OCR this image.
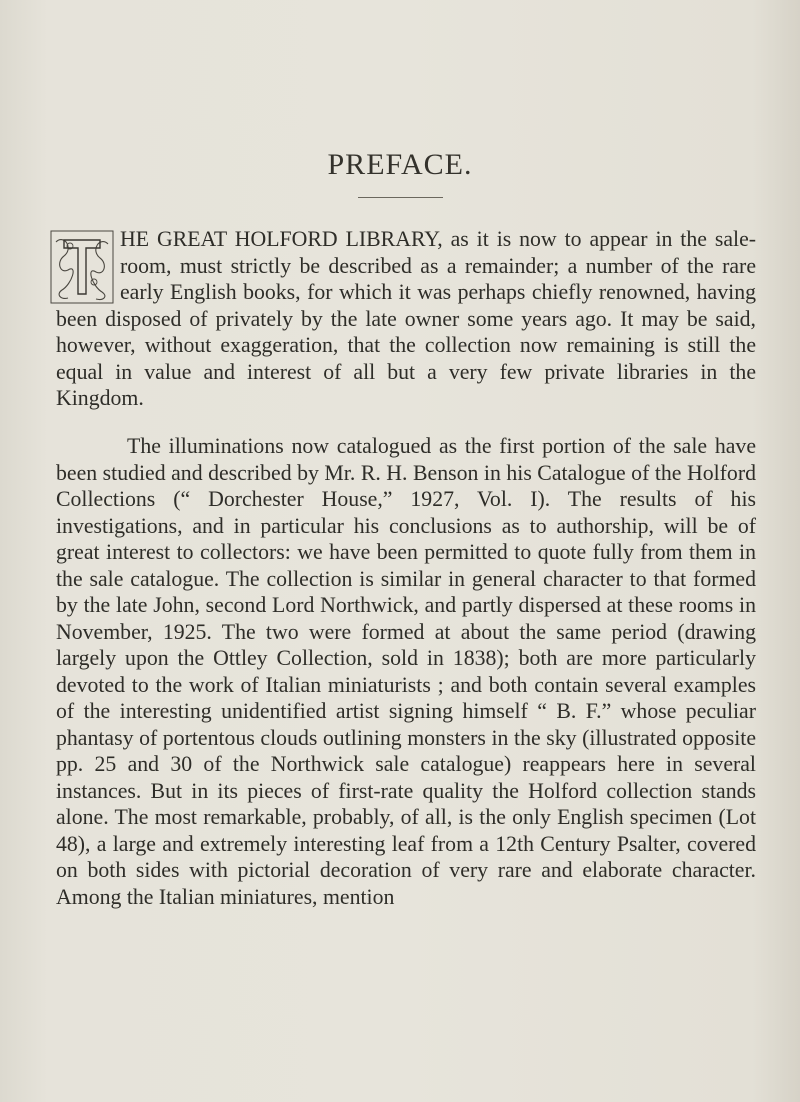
PREFACE.
HE GREAT HOLFORD LIBRARY, as it is now to appear in the sale-room, must strictly be described as a remainder; a number of the rare early English books, for which it was perhaps chiefly renowned, having been disposed of privately by the late owner some years ago. It may be said, however, without exaggeration, that the collection now remaining is still the equal in value and interest of all but a very few private libraries in the Kingdom.
The illuminations now catalogued as the first portion of the sale have been studied and described by Mr. R. H. Benson in his Catalogue of the Holford Collections (“ Dorchester House,” 1927, Vol. I). The results of his investigations, and in particular his conclusions as to authorship, will be of great interest to collectors: we have been permitted to quote fully from them in the sale catalogue. The collection is similar in general character to that formed by the late John, second Lord Northwick, and partly dispersed at these rooms in November, 1925. The two were formed at about the same period (drawing largely upon the Ottley Collection, sold in 1838); both are more particularly devoted to the work of Italian miniaturists ; and both contain several examples of the interesting unidentified artist signing himself “ B. F.” whose peculiar phantasy of portentous clouds outlining monsters in the sky (illustrated opposite pp. 25 and 30 of the Northwick sale catalogue) reappears here in several instances. But in its pieces of first-rate quality the Holford collection stands alone. The most remarkable, probably, of all, is the only English specimen (Lot 48), a large and extremely interesting leaf from a 12th Century Psalter, covered on both sides with pictorial decoration of very rare and elaborate character. Among the Italian miniatures, mention
